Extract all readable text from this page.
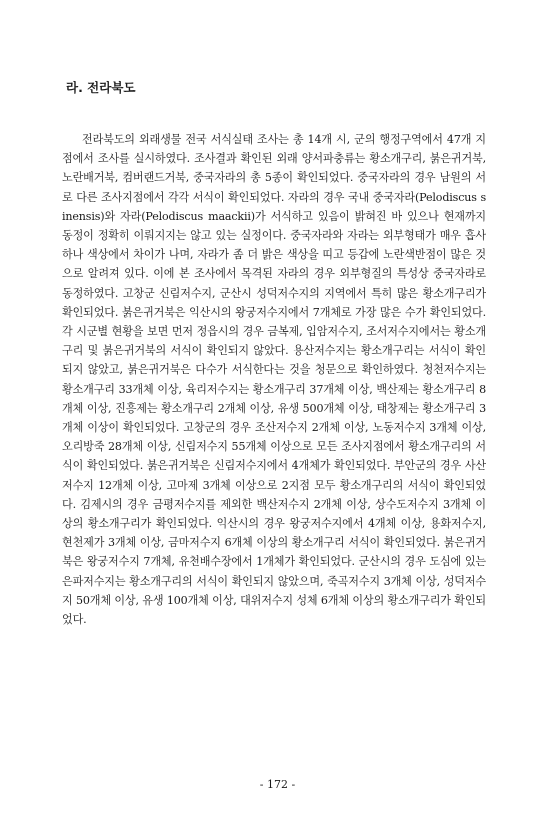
라. 전라북도

전라북도의 외래생물 전국 서식실태 조사는 총 14개 시, 군의 행정구역에서 47개 지점에서 조사를 실시하였다. 조사결과 확인된 외래 양서파충류는 황소개구리, 붉은귀거북, 노란배거북, 컴버랜드거북, 중국자라의 총 5종이 확인되었다. 중국자라의 경우 남원의 서로 다른 조사지점에서 각각 서식이 확인되었다. 자라의 경우 국내 중국자라(Pelodiscus sinensis)와 자라(Pelodiscus maackii)가 서식하고 있음이 밝혀진 바 있으나 현재까지 동정이 정확히 이뤄지지는 않고 있는 실정이다. 중국자라와 자라는 외부형태가 매우 흡사하나 색상에서 차이가 나며, 자라가 좀 더 밝은 색상을 띠고 등갑에 노란색반점이 많은 것으로 알려져 있다. 이에 본 조사에서 목격된 자라의 경우 외부형질의 특성상 중국자라로 동정하였다. 고창군 신림저수지, 군산시 성덕저수지의 지역에서 특히 많은 황소개구리가 확인되었다. 붉은귀거북은 익산시의 왕궁저수지에서 7개체로 가장 많은 수가 확인되었다. 각 시군별 현황을 보면 먼저 정읍시의 경우 금복제, 입암저수지, 조서저수지에서는 황소개구리 및 붉은귀거북의 서식이 확인되지 않았다. 용산저수지는 황소개구리는 서식이 확인되지 않았고, 붉은귀거북은 다수가 서식한다는 것을 청문으로 확인하였다. 청천저수지는 황소개구리 33개체 이상, 육리저수지는 황소개구리 37개체 이상, 백산제는 황소개구리 8개체 이상, 진흥제는 황소개구리 2개체 이상, 유생 500개체 이상, 태창제는 황소개구리 3개체 이상이 확인되었다. 고창군의 경우 조산저수지 2개체 이상, 노동저수지 3개체 이상, 오리방죽 28개체 이상, 신림저수지 55개체 이상으로 모든 조사지점에서 황소개구리의 서식이 확인되었다. 붉은귀거북은 신림저수지에서 4개체가 확인되었다. 부안군의 경우 사산저수지 12개체 이상, 고마제 3개체 이상으로 2지점 모두 황소개구리의 서식이 확인되었다. 김제시의 경우 금평저수지를 제외한 백산저수지 2개체 이상, 상수도저수지 3개체 이상의 황소개구리가 확인되었다. 익산시의 경우 왕궁저수지에서 4개체 이상, 용화저수지, 현천제가 3개체 이상, 금마저수지 6개체 이상의 황소개구리 서식이 확인되었다. 붉은귀거북은 왕궁저수지 7개체, 유천배수장에서 1개체가 확인되었다. 군산시의 경우 도심에 있는 은파저수지는 황소개구리의 서식이 확인되지 않았으며, 죽곡저수지 3개체 이상, 성덕저수지 50개체 이상, 유생 100개체 이상, 대위저수지 성체 6개체 이상의 황소개구리가 확인되었다.

- 172 -
